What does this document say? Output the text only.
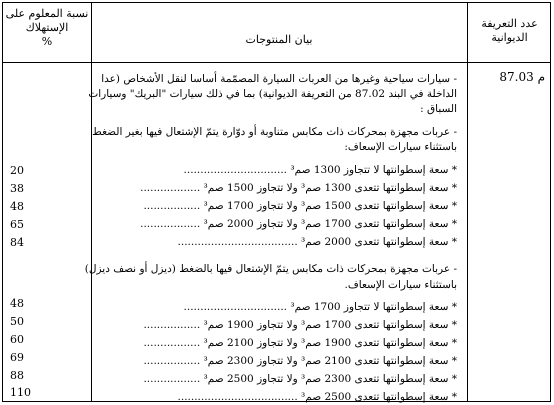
نسبة المعلوم على
الإستهلاك
%	بيان المنتوجات
عدد التعريفة
الديوانية
م 87.03
- سيارات سياحية وغيرها من العربات السيارة المصمّمة أساسا لنقل الأشخاص (عدا
الداخلة في البند 87.02 من التعريفة الديوانية) بما في ذلك سيارات "البريك" وسيارات
السباق :
- عربات مجهزة بمحركات ذات مكابس متناوبة أو دوّارة يتمّ الإشتعال فيها بغير الضغط
باستثناء سيارات الإسعاف:
* سعة إسطوانتها لا تتجاوز 1300 صم³ ...............................
* سعة إسطوانتها تتعدى 1300 صم³ ولا تتجاوز 1500 صم³ ..................
* سعة إسطوانتها تتعدى 1500 صم³ ولا تتجاوز 1700 صم³ .................
* سعة إسطوانتها تتعدى 1700 صم³ ولا تتجاوز 2000 صم³ ..................
* سعة إسطوانتها تتعدى 2000 صم³ ....................................
- عربات مجهزة بمحركات ذات مكابس يتمّ الإشتعال فيها بالضغط (ديزل أو نصف ديزل)
باستثناء سيارات الإسعاف.
* سعة إسطوانتها لا تتجاوز 1700 صم³ ...............................
* سعة إسطوانتها تتعدى 1700 صم³ ولا تتجاوز 1900 صم³ .................
* سعة إسطوانتها تتعدى 1900 صم³ ولا تتجاوز 2100 صم³ .................
* سعة إسطوانتها تتعدى 2100 صم³ ولا تتجاوز 2300 صم³ .................
* سعة إسطوانتها تتعدى 2300 صم³ ولا تتجاوز 2500 صم³ .................
* سعة إسطوانتها تتعدى 2500 صم³ ....................................
20
38
48
65
84
48
50
60
69
88
110
